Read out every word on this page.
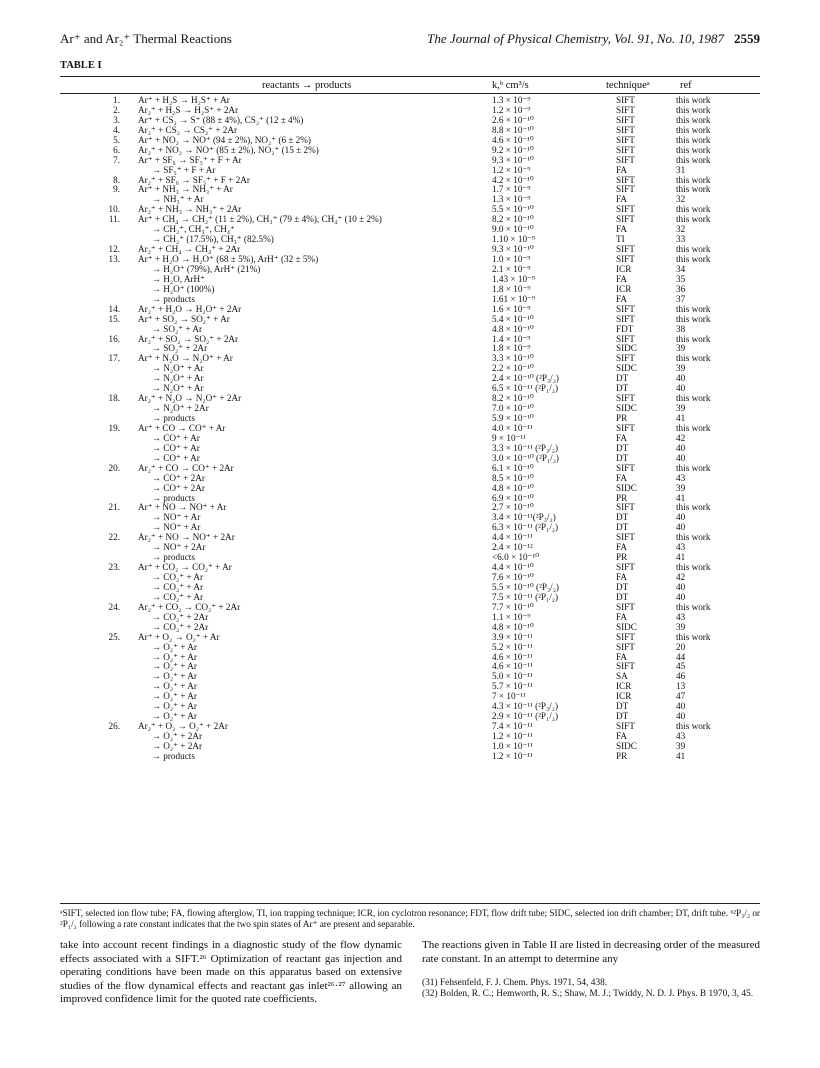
Ar⁺ and Ar₂⁺ Thermal Reactions	The Journal of Physical Chemistry, Vol. 91, No. 10, 1987 2559
TABLE I
reactants → products	k,ᵇ cm³/s	techniqueᵃ	ref
1. Ar⁺ + H₂S → H₂S⁺ + Ar	1.3 × 10⁻⁹	SIFT	this work
2. Ar₂⁺ + H₂S → H₂S⁺ + 2Ar	1.2 × 10⁻⁹	SIFT	this work
3. Ar⁺ + CS₂ → S⁺ (88 ± 4%), CS₂⁺ (12 ± 4%)	2.6 × 10⁻¹⁰	SIFT	this work
4. Ar₂⁺ + CS₂ → CS₂⁺ + 2Ar	8.8 × 10⁻¹⁰	SIFT	this work
5. Ar⁺ + NO₂ → NO⁺ (94 ± 2%), NO₂⁺ (6 ± 2%)	4.6 × 10⁻¹⁰	SIFT	this work
6. Ar₂⁺ + NO₂ → NO⁺ (85 ± 2%), NO₂⁺ (15 ± 2%)	9.2 × 10⁻¹⁰	SIFT	this work
7. Ar⁺ + SF₆ → SF₅⁺ + F + Ar	9.3 × 10⁻¹⁰	SIFT	this work
→ SF₅⁺ + F + Ar	1.2 × 10⁻⁹	FA	31
8. Ar₂⁺ + SF₆ → SF₅⁺ + F + 2Ar	4.2 × 10⁻¹⁰	SIFT	this work
9. Ar⁺ + NH₃ → NH₃⁺ + Ar	1.7 × 10⁻⁹	SIFT	this work
→ NH₃⁺ + Ar	1.3 × 10⁻⁹	FA	32
10. Ar₂⁺ + NH₃ → NH₃⁺ + 2Ar	5.5 × 10⁻¹⁰	SIFT	this work
11. Ar⁺ + CH₄ → CH₂⁺ (11 ± 2%), CH₃⁺ (79 ± 4%), CH₄⁺ (10 ± 2%)	8.2 × 10⁻¹⁰	SIFT	this work
→ CH₂⁺, CH₃⁺, CH₄⁺	9.0 × 10⁻¹⁰	FA	32
→ CH₂⁺ (17.5%), CH₃⁺ (82.5%)	1.10 × 10⁻⁹	TI	33
12. Ar₂⁺ + CH₄ → CH₄⁺ + 2Ar	9.3 × 10⁻¹⁰	SIFT	this work
13. Ar⁺ + H₂O → H₂O⁺ (68 ± 5%), ArH⁺ (32 ± 5%)	1.0 × 10⁻⁹	SIFT	this work
→ H₂O⁺ (79%), ArH⁺ (21%)	2.1 × 10⁻⁹	ICR	34
→ H₂O, ArH⁺	1.43 × 10⁻⁹	FA	35
→ H₂O⁺ (100%)	1.8 × 10⁻⁹	ICR	36
→ products	1.61 × 10⁻⁹	FA	37
14. Ar₂⁺ + H₂O → H₂O⁺ + 2Ar	1.6 × 10⁻⁹	SIFT	this work
15. Ar⁺ + SO₂ → SO₂⁺ + Ar	5.4 × 10⁻¹⁰	SIFT	this work
→ SO₂⁺ + Ar	4.8 × 10⁻¹⁰	FDT	38
16. Ar₂⁺ + SO₂ → SO₂⁺ + 2Ar	1.4 × 10⁻⁹	SIFT	this work
→ SO₂⁺ + 2Ar	1.8 × 10⁻⁹	SIDC	39
17. Ar⁺ + N₂O → N₂O⁺ + Ar	3.3 × 10⁻¹⁰	SIFT	this work
→ N₂O⁺ + Ar	2.2 × 10⁻¹⁰	SIDC	39
→ N₂O⁺ + Ar	2.4 × 10⁻¹⁰ (²P₃/₂)	DT	40
→ N₂O⁺ + Ar	6.5 × 10⁻¹¹ (²P₁/₂)	DT	40
18. Ar₂⁺ + N₂O → N₂O⁺ + 2Ar	8.2 × 10⁻¹⁰	SIFT	this work
→ N₂O⁺ + 2Ar	7.0 × 10⁻¹⁰	SIDC	39
→ products	5.9 × 10⁻¹⁰	PR	41
19. Ar⁺ + CO → CO⁺ + Ar	4.0 × 10⁻¹¹	SIFT	this work
→ CO⁺ + Ar	9 × 10⁻¹¹	FA	42
→ CO⁺ + Ar	3.3 × 10⁻¹¹ (²P₃/₂)	DT	40
→ CO⁺ + Ar	3.0 × 10⁻¹⁰ (²P₁/₂)	DT	40
20. Ar₂⁺ + CO → CO⁺ + 2Ar	6.1 × 10⁻¹⁰	SIFT	this work
→ CO⁺ + 2Ar	8.5 × 10⁻¹⁰	FA	43
→ CO⁺ + 2Ar	4.8 × 10⁻¹⁰	SIDC	39
→ products	6.9 × 10⁻¹⁰	PR	41
21. Ar⁺ + NO → NO⁺ + Ar	2.7 × 10⁻¹⁰	SIFT	this work
→ NO⁺ + Ar	3.4 × 10⁻¹¹(²P₃/₂)	DT	40
→ NO⁺ + Ar	6.3 × 10⁻¹¹ (²P₁/₂)	DT	40
22. Ar₂⁺ + NO → NO⁺ + 2Ar	4.4 × 10⁻¹¹	SIFT	this work
→ NO⁺ + 2Ar	2.4 × 10⁻¹²	FA	43
→ products	<6.0 × 10⁻¹⁰	PR	41
23. Ar⁺ + CO₂ → CO₂⁺ + Ar	4.4 × 10⁻¹⁰	SIFT	this work
→ CO₂⁺ + Ar	7.6 × 10⁻¹⁰	FA	42
→ CO₂⁺ + Ar	5.5 × 10⁻¹⁰ (²P₃/₂)	DT	40
→ CO₂⁺ + Ar	7.5 × 10⁻¹¹ (²P₁/₂)	DT	40
24. Ar₂⁺ + CO₂ → CO₂⁺ + 2Ar	7.7 × 10⁻¹⁰	SIFT	this work
→ CO₂⁺ + 2Ar	1.1 × 10⁻⁹	FA	43
→ CO₂⁺ + 2Ar	4.8 × 10⁻¹⁰	SIDC	39
25. Ar⁺ + O₂ → O₂⁺ + Ar	3.9 × 10⁻¹¹	SIFT	this work
→ O₂⁺ + Ar	5.2 × 10⁻¹¹	SIFT	20
→ O₂⁺ + Ar	4.6 × 10⁻¹¹	FA	44
→ O₂⁺ + Ar	4.6 × 10⁻¹¹	SIFT	45
→ O₂⁺ + Ar	5.0 × 10⁻¹¹	SA	46
→ O₂⁺ + Ar	5.7 × 10⁻¹¹	ICR	13
→ O₂⁺ + Ar	7 × 10⁻¹¹	ICR	47
→ O₂⁺ + Ar	4.3 × 10⁻¹¹ (²P₃/₂)	DT	40
→ O₂⁺ + Ar	2.9 × 10⁻¹¹ (²P₁/₂)	DT	40
26. Ar₂⁺ + O₂ → O₂⁺ + 2Ar	7.4 × 10⁻¹¹	SIFT	this work
→ O₂⁺ + 2Ar	1.2 × 10⁻¹¹	FA	43
→ O₂⁺ + 2Ar	1.0 × 10⁻¹¹	SIDC	39
→ products	1.2 × 10⁻¹¹	PR	41
ᵃSIFT, selected ion flow tube; FA, flowing afterglow, TI, ion trapping technique; ICR, ion cyclotron resonance; FDT, flow drift tube; SIDC, selected ion drift chamber; DT, drift tube. ᵇ²P₃/₂ or ²P₁/₂ following a rate constant indicates that the two spin states of Ar⁺ are present and separable.
take into account recent findings in a diagnostic study of the flow dynamic effects associated with a SIFT.²⁶ Optimization of reactant gas injection and operating conditions have been made on this apparatus based on extensive studies of the flow dynamical effects and reactant gas inlet²⁶·²⁷ allowing an improved confidence limit for the quoted rate coefficients.
The reactions given in Table II are listed in decreasing order of the measured rate constant. In an attempt to determine any
(31) Fehsenfeld, F. J. Chem. Phys. 1971, 54, 438.
(32) Bolden, R. C.; Hemworth, R. S.; Shaw, M. J.; Twiddy, N. D. J. Phys. B 1970, 3, 45.
